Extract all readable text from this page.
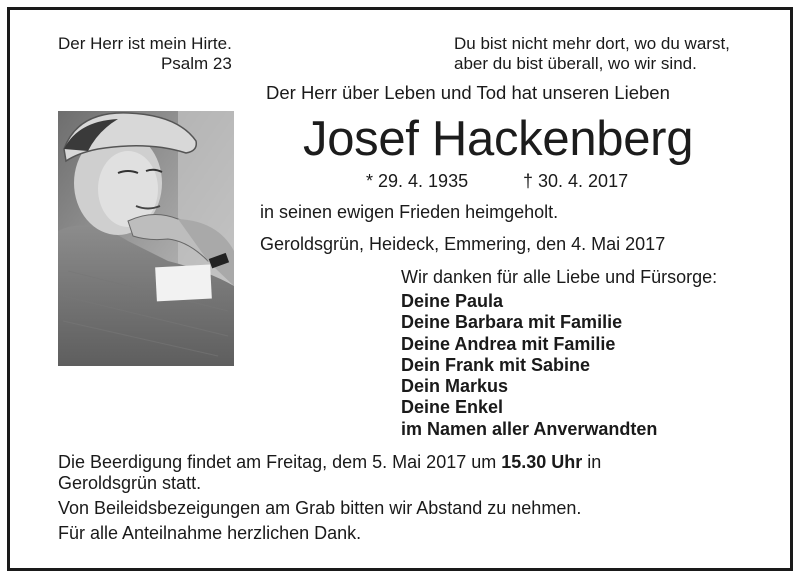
Der Herr ist mein Hirte.
Psalm 23
Du bist nicht mehr dort, wo du warst,
aber du bist überall, wo wir sind.
Der Herr über Leben und Tod hat unseren Lieben
Josef Hackenberg
* 29. 4. 1935	† 30. 4. 2017
in seinen ewigen Frieden heimgeholt.
Geroldsgrün, Heideck, Emmering, den 4. Mai 2017
Wir danken für alle Liebe und Fürsorge:
Deine Paula
Deine Barbara mit Familie
Deine Andrea mit Familie
Dein Frank mit Sabine
Dein Markus
Deine Enkel
im Namen aller Anverwandten
Die Beerdigung findet am Freitag, dem 5. Mai 2017 um 15.30 Uhr in Geroldsgrün statt.
Von Beileidsbezeigungen am Grab bitten wir Abstand zu nehmen.
Für alle Anteilnahme herzlichen Dank.
